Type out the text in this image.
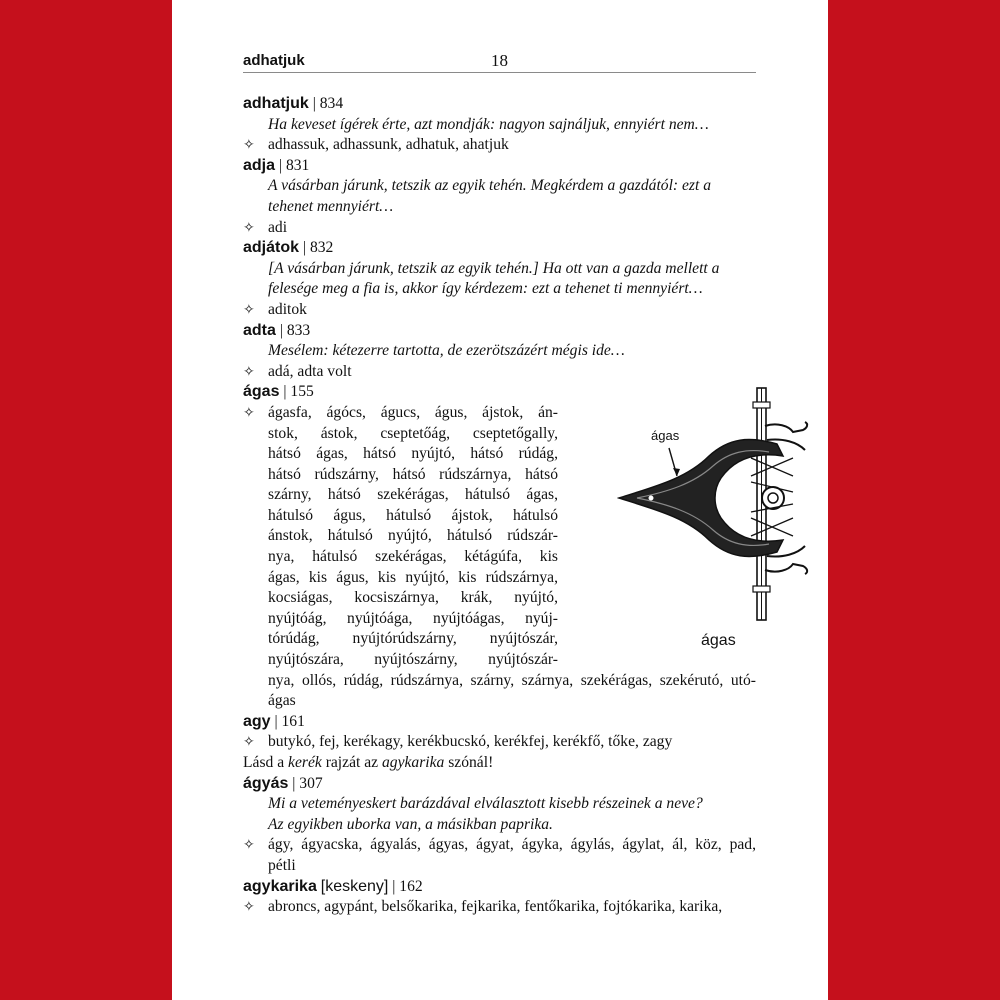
adhatjuk	18
adhatjuk | 834
Ha keveset ígérek érte, azt mondják: nagyon sajnáljuk, ennyiért nem…
✧ adhassuk, adhassunk, adhatuk, ahatjuk
adja | 831
A vásárban járunk, tetszik az egyik tehén. Megkérdem a gazdától: ezt a
tehenet mennyiért…
✧ adi
adjátok | 832
[A vásárban járunk, tetszik az egyik tehén.] Ha ott van a gazda mellett a
felesége meg a fia is, akkor így kérdezem: ezt a tehenet ti mennyiért…
✧ aditok
adta | 833
Mesélem: kétezerre tartotta, de ezerötszázért mégis ide…
✧ adá, adta volt
ágas | 155
✧ ágasfa, ágócs, águcs, águs, ájstok, án-
stok, ástok, cseptetőág, cseptetőgally,
hátsó ágas, hátsó nyújtó, hátsó rúdág,
hátsó rúdszárny, hátsó rúdszárnya, hátsó
szárny, hátsó szekérágas, hátulsó ágas,
hátulsó águs, hátulsó ájstok, hátulsó
ánstok, hátulsó nyújtó, hátulsó rúdszár-
nya, hátulsó szekérágas, kétágúfa, kis
ágas, kis águs, kis nyújtó, kis rúdszárnya,
kocsiágas, kocsiszárnya, krák, nyújtó,
nyújtóág, nyújtóága, nyújtóágas, nyúj-
tórúdág, nyújtórúdszárny, nyújtószár,
nyújtószára, nyújtószárny, nyújtószár-
nya, ollós, rúdág, rúdszárnya, szárny, szárnya, szekérágas, szekérutó, utó-
ágas
agy | 161
✧ butykó, fej, kerékagy, kerékbucskó, kerékfej, kerékfő, tőke, zagy
Lásd a kerék rajzát az agykarika szónál!
ágyás | 307
Mi a veteményeskert barázdával elválasztott kisebb részeinek a neve?
Az egyikben uborka van, a másikban paprika.
✧ ágy, ágyacska, ágyalás, ágyas, ágyat, ágyka, ágylás, ágylat, ál, köz, pad,
pétli
agykarika [keskeny] | 162
✧ abroncs, agypánt, belsőkarika, fejkarika, fentőkarika, fojtókarika, karika,
ágas
ágas
